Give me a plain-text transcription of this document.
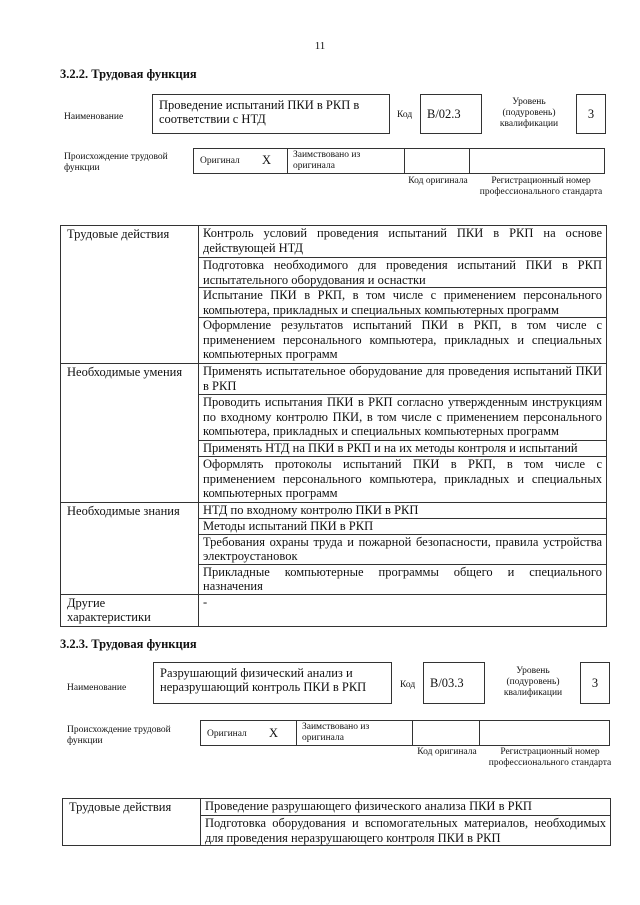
11
3.2.2. Трудовая функция
Наименование
Проведение испытаний ПКИ в РКП в соответствии с НТД	Код	В/02.3
Уровень (подуровень) квалификации
3
Происхождение трудовой функции
Оригинал X Заимствовано из оригинала
Код оригинала	Регистрационный номер профессионального стандарта
Трудовые действия	Контроль условий проведения испытаний ПКИ в РКП на основе действующей НТД
	Подготовка необходимого для проведения испытаний ПКИ в РКП испытательного оборудования и оснастки
	Испытание ПКИ в РКП, в том числе с применением персонального компьютера, прикладных и специальных компьютерных программ
	Оформление результатов испытаний ПКИ в РКП, в том числе с применением персонального компьютера, прикладных и специальных компьютерных программ
Необходимые умения	Применять испытательное оборудование для проведения испытаний ПКИ в РКП
	Проводить испытания ПКИ в РКП согласно утвержденным инструкциям по входному контролю ПКИ, в том числе с применением персонального компьютера, прикладных и специальных компьютерных программ
	Применять НТД на ПКИ в РКП и на их методы контроля и испытаний
	Оформлять протоколы испытаний ПКИ в РКП, в том числе с применением персонального компьютера, прикладных и специальных компьютерных программ
Необходимые знания	НТД по входному контролю ПКИ в РКП
	Методы испытаний ПКИ в РКП
	Требования охраны труда и пожарной безопасности, правила устройства электроустановок
	Прикладные компьютерные программы общего и специального назначения
Другие характеристики	-
3.2.3. Трудовая функция
Наименование
Разрушающий физический анализ и неразрушающий контроль ПКИ в РКП	Код	В/03.3
Уровень (подуровень) квалификации
3
Происхождение трудовой функции
Оригинал X	Заимствовано из оригинала
Код оригинала	Регистрационный номер профессионального стандарта
Трудовые действия	Проведение разрушающего физического анализа ПКИ в РКП
Подготовка оборудования и вспомогательных материалов, необходимых для проведения неразрушающего контроля ПКИ в РКП
